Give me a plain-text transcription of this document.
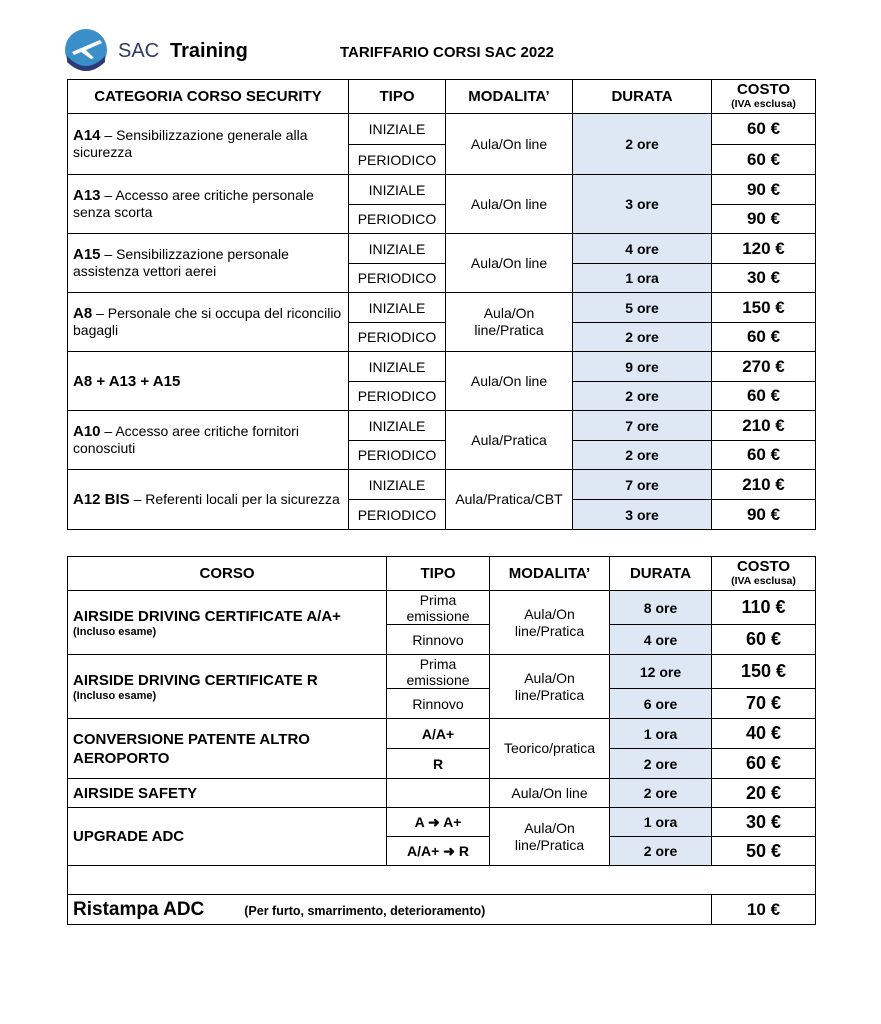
SAC Training	TARIFFARIO CORSI SAC 2022
CATEGORIA CORSO SECURITY	TIPO	MODALITA’	DURATA	COSTO
(IVA esclusa)

A14 – Sensibilizzazione generale alla sicurezza	INIZIALE	Aula/On line	2 ore	60 €
	PERIODICO			60 €
A13 – Accesso aree critiche personale senza scorta	INIZIALE	Aula/On line	3 ore	90 €
	PERIODICO			90 €
A15 – Sensibilizzazione personale assistenza vettori aerei	INIZIALE	Aula/On line	4 ore	120 €
	PERIODICO		1 ora	30 €
A8 – Personale che si occupa del riconcilio bagagli	INIZIALE	Aula/On line/Pratica	5 ore	150 €
	PERIODICO		2 ore	60 €
A8 + A13 + A15	INIZIALE	Aula/On line	9 ore	270 €
	PERIODICO		2 ore	60 €
A10 – Accesso aree critiche fornitori conosciuti	INIZIALE	Aula/Pratica	7 ore	210 €
	PERIODICO		2 ore	60 €
A12 BIS – Referenti locali per la sicurezza	INIZIALE	Aula/Pratica/CBT	7 ore	210 €
	PERIODICO		3 ore	90 €
CORSO	TIPO	MODALITA’	DURATA	COSTO
(IVA esclusa)

AIRSIDE DRIVING CERTIFICATE A/A+
(Incluso esame)	Prima emissione	Aula/On line/Pratica	8 ore	110 €
	Rinnovo		4 ore	60 €
AIRSIDE DRIVING CERTIFICATE R
(Incluso esame)	Prima emissione	Aula/On line/Pratica	12 ore	150 €
	Rinnovo		6 ore	70 €
CONVERSIONE PATENTE ALTRO AEROPORTO	A/A+	Teorico/pratica	1 ora	40 €
	R		2 ore	60 €
AIRSIDE SAFETY		Aula/On line	2 ore	20 €
UPGRADE ADC	A ➜ A+	Aula/On line/Pratica	1 ora	30 €
	A/A+ ➜ R		2 ore	50 €

Ristampa ADC (Per furto, smarrimento, deterioramento)				10 €
